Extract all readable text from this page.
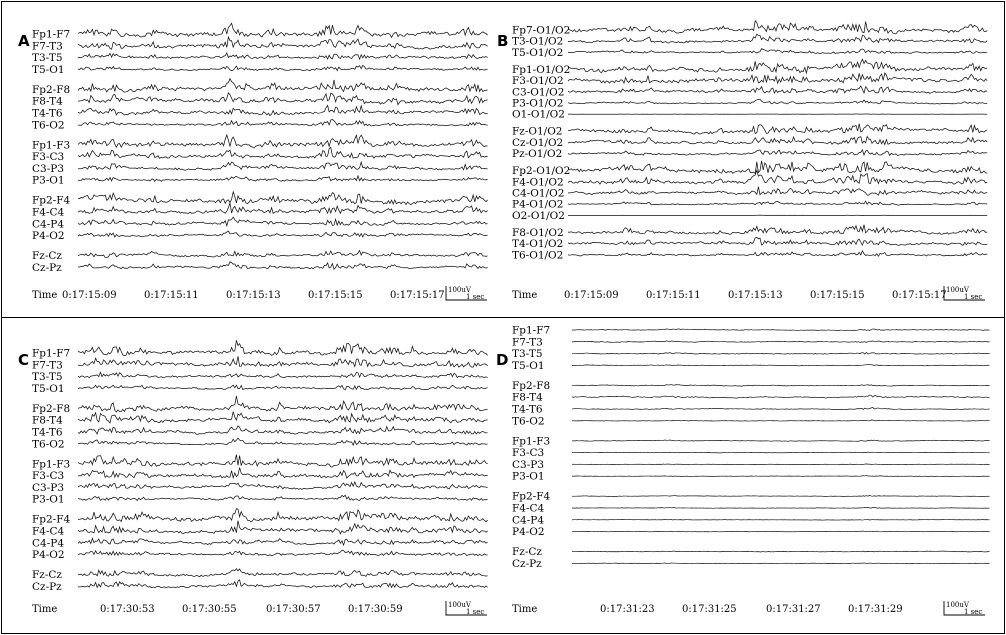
A Fp1-F7
F7-T3
T3-T5
T5-O1
Fp2-F8
F8-T4
T4-T6
T6-O2
Fp1-F3
F3-C3
C3-P3
P3-O1
Fp2-F4
F4-C4
C4-P4
P4-O2
Fz-Cz
Cz-Pz
Time 0:17:15:09	0:17:15:11	0:17:15:13	0:17:15:15	0:17:15:17 100uV
1 sec
B
Fp7-O1/O2
T3-O1/O2
T5-O1/O2
Fp1-O1/O2
F3-O1/O2
C3-O1/O2
P3-O1/O2
O1-O1/O2
Fz-O1/O2
Cz-O1/O2
Pz-O1/O2
Fp2-O1/O2
F4-O1/O2
C4-O1/O2
P4-O1/O2
O2-O1/O2
F8-O1/O2
T4-O1/O2
T6-O1/O2
Time	0:17:15:09	0:17:15:11	0:17:15:13	0:17:15:15	0:17:15:17 100uV
1 sec
C Fp1-F7
F7-T3
T3-T5
T5-O1
Fp2-F8
F8-T4
T4-T6
T6-O2
Fp1-F3
F3-C3
C3-P3
P3-O1
Fp2-F4
F4-C4
C4-P4
P4-O2
Fz-Cz
Cz-Pz
Time	0:17:30:53	0:17:30:55	0:17:30:57	0:17:30:59	100uV
1 sec
D
Fp1-F7
F7-T3
T3-T5
T5-O1
Fp2-F8
F8-T4
T4-T6
T6-O2
Fp1-F3
F3-C3
C3-P3
P3-O1
Fp2-F4
F4-C4
C4-P4
P4-O2
Fz-Cz
Cz-Pz
Time	0:17:31:23	0:17:31:25	0:17:31:27	0:17:31:29	100uV
1 sec
